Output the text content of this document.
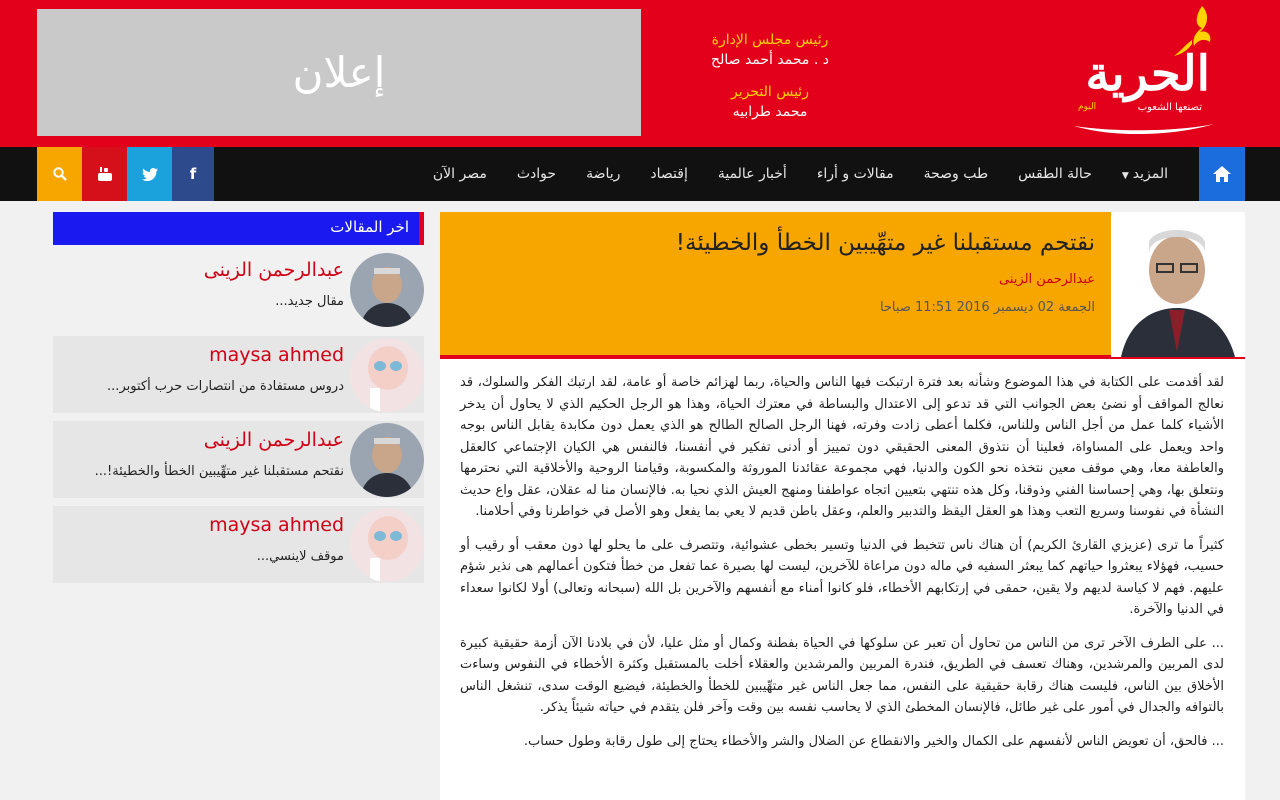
إعلان
رئيس مجلس الإدارة
د . محمد أحمد صالح
رئيس التحرير
محمد طرابيه
الحرية
تصنعها الشعوب
اليوم
مصر الآن	حوادث	رياضة	إقتصاد	أخبار عالمية	مقالات و أراء	طب وصحة	حالة الطقس	المزيد▼
f
اخر المقالات
عبدالرحمن الزينى
مقال جديد...
maysa ahmed
دروس مستفادة من انتصارات حرب أكتوبر...
عبدالرحمن الزينى
نقتحم مستقبلنا غير متهِّيبين الخطأ والخطيئة!...
maysa ahmed
موقف لاينسي...
نقتحم مستقبلنا غير متهِّيبين الخطأ والخطيئة!
عبدالرحمن الزينى
الجمعة 02 ديسمبر 2016 11:51 صباحا

لقد أقدمت على الكتابة في هذا الموضوع وشأنه بعد فترة ارتبكت فيها الناس والحياة، ربما لهزائم خاصة أو عامة، لقد ارتبك الفكر والسلوك، قد نعالج المواقف أو نضئ بعض الجوانب التي قد تدعو إلى الاعتدال والبساطة في معترك الحياة، وهذا هو الرجل الحكيم الذي لا يحاول أن يدخر الأشياء كلما عمل من أجل الناس وللناس، فكلما أعطى زادت وفرته، فهنا الرجل الصالح الطالح هو الذي يعمل دون مكابدة يقابل الناس بوجه واحد ويعمل على المساواة، فعلينا أن نتذوق المعنى الحقيقي دون تمييز أو أدنى تفكير في أنفسنا، فالنفس هي الكيان الإجتماعي كالعقل والعاطفة معا، وهي موقف معين نتخذه نحو الكون والدنيا، فهي مجموعة عقائدنا الموروثة والمكسوبة، وقيامنا الروحية والأخلاقية التي نحترمها ونتعلق بها، وهي إحساسنا الفني وذوقنا، وكل هذه تنتهي بتعيين اتجاه عواطفنا ومنهج العيش الذي نحيا به. فالإنسان منا له عقلان، عقل واع حديث النشأة في نفوسنا وسريع التعب وهذا هو العقل اليقظ والتدبير والعلم، وعقل باطن قديم لا يعي بما يفعل وهو الأصل في خواطرنا وفي أحلامنا.

كثيراً ما ترى (عزيزي القارئ الكريم) أن هناك ناس تتخبط في الدنيا وتسير بخطى عشوائية، وتتصرف على ما يحلو لها دون معقب أو رقيب أو حسيب، فهؤلاء يبعثروا حياتهم كما يبعثر السفيه في ماله دون مراعاة للآخرين، ليست لها بصيرة عما تفعل من خطأ فتكون أعمالهم هى نذير شؤم عليهم. فهم لا كياسة لديهم ولا يقين، حمقى في إرتكابهم الأخطاء، فلو كانوا أمناء مع أنفسهم والآخرين بل الله (سبحانه وتعالى) أولا لكانوا سعداء في الدنيا والآخرة.

... على الطرف الآخر ترى من الناس من تحاول أن تعبر عن سلوكها في الحياة بفطنة وكمال أو مثل عليا، لأن في بلادنا الآن أزمة حقيقية كبيرة لدى المربين والمرشدين، وهناك تعسف في الطريق، فندرة المربين والمرشدين والعقلاء أخلت بالمستقبل وكثرة الأخطاء في النفوس وساءت الأخلاق بين الناس، فليست هناك رقابة حقيقية على النفس، مما جعل الناس غير متهِّيبين للخطأ والخطيئة، فيضيع الوقت سدى، تنشغل الناس بالتوافه والجدال في أمور على غير طائل، فالإنسان المخطئ الذي لا يحاسب نفسه بين وقت وآخر فلن يتقدم في حياته شيئاً يذكر.

... فالحق، أن تعويض الناس لأنفسهم على الكمال والخير والانقطاع عن الضلال والشر والأخطاء يحتاج إلى طول رقابة وطول حساب.
